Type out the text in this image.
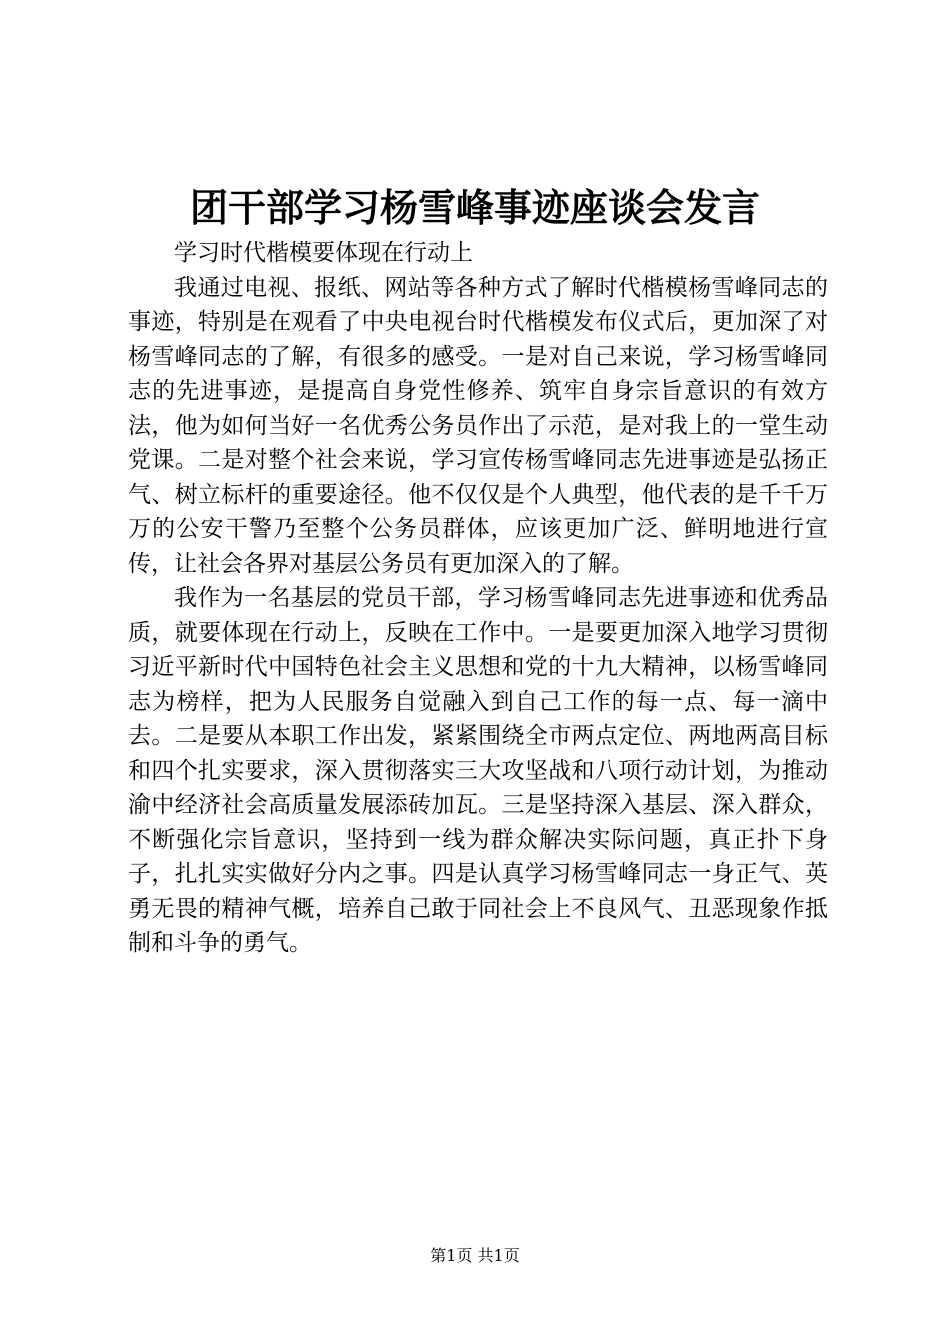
团干部学习杨雪峰事迹座谈会发言

学习时代楷模要体现在行动上

我通过电视、报纸、网站等各种方式了解时代楷模杨雪峰同志的事迹，特别是在观看了中央电视台时代楷模发布仪式后，更加深了对杨雪峰同志的了解，有很多的感受。一是对自己来说，学习杨雪峰同志的先进事迹，是提高自身党性修养、筑牢自身宗旨意识的有效方法，他为如何当好一名优秀公务员作出了示范，是对我上的一堂生动党课。二是对整个社会来说，学习宣传杨雪峰同志先进事迹是弘扬正气、树立标杆的重要途径。他不仅仅是个人典型，他代表的是千千万万的公安干警乃至整个公务员群体，应该更加广泛、鲜明地进行宣传，让社会各界对基层公务员有更加深入的了解。

我作为一名基层的党员干部，学习杨雪峰同志先进事迹和优秀品质，就要体现在行动上，反映在工作中。一是要更加深入地学习贯彻习近平新时代中国特色社会主义思想和党的十九大精神，以杨雪峰同志为榜样，把为人民服务自觉融入到自己工作的每一点、每一滴中去。二是要从本职工作出发，紧紧围绕全市两点定位、两地两高目标和四个扎实要求，深入贯彻落实三大攻坚战和八项行动计划，为推动渝中经济社会高质量发展添砖加瓦。三是坚持深入基层、深入群众，不断强化宗旨意识，坚持到一线为群众解决实际问题，真正扑下身子，扎扎实实做好分内之事。四是认真学习杨雪峰同志一身正气、英勇无畏的精神气概，培养自己敢于同社会上不良风气、丑恶现象作抵制和斗争的勇气。

第1页 共1页
